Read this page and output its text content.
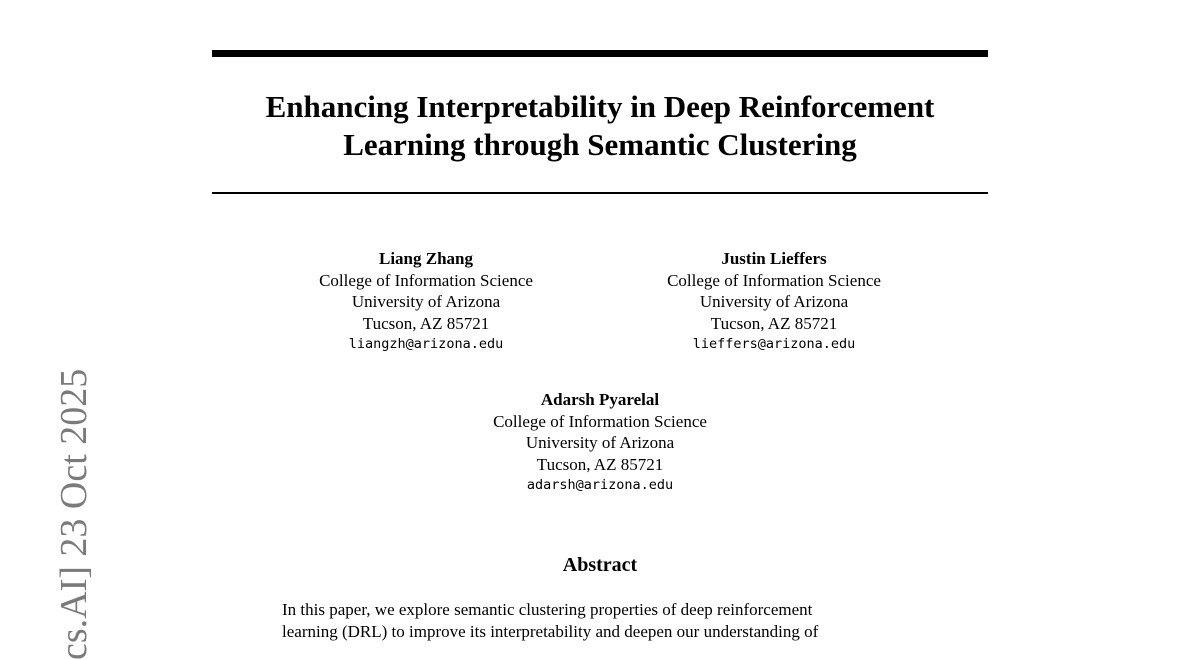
cs.AI] 23 Oct 2025
Enhancing Interpretability in Deep Reinforcement
Learning through Semantic Clustering
Liang Zhang
College of Information Science
University of Arizona
Tucson, AZ 85721
liangzh@arizona.edu
Justin Lieffers
College of Information Science
University of Arizona
Tucson, AZ 85721
lieffers@arizona.edu
Adarsh Pyarelal
College of Information Science
University of Arizona
Tucson, AZ 85721
adarsh@arizona.edu
Abstract
In this paper, we explore semantic clustering properties of deep reinforcement
learning (DRL) to improve its interpretability and deepen our understanding of
